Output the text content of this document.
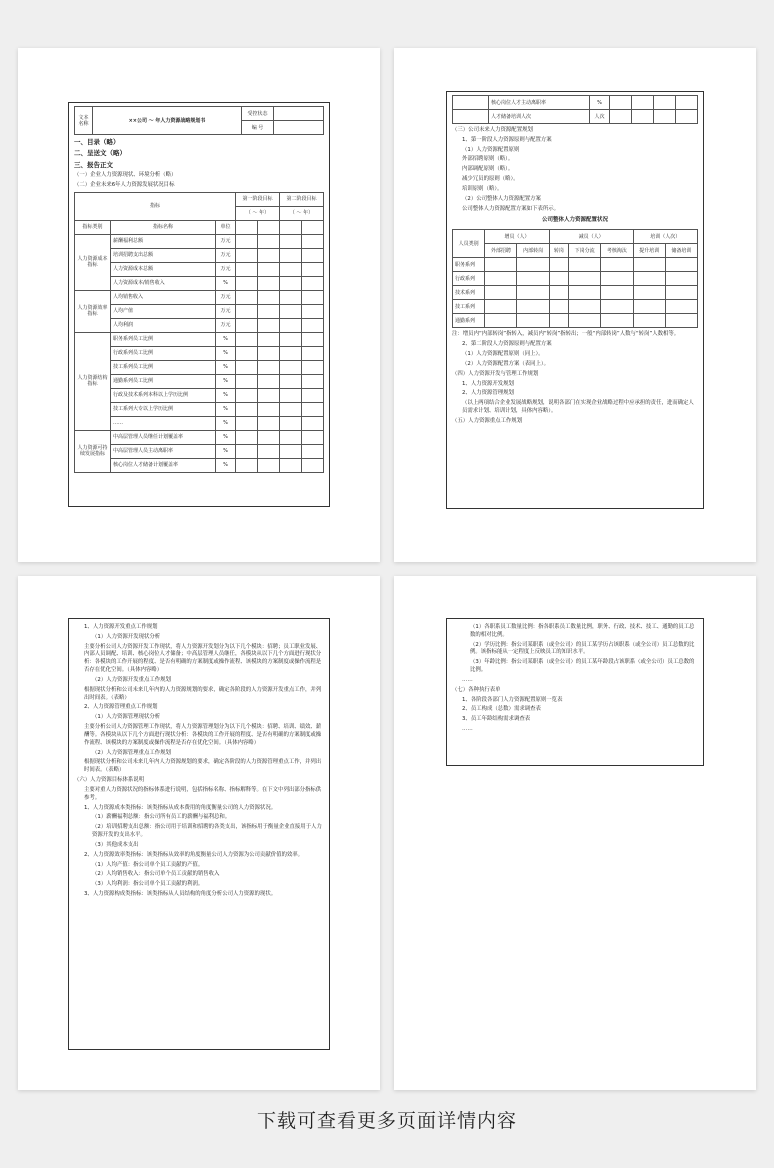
文本名称	××公司 ～ 年人力资源战略规划书	受控状态	
		编 号	
一、目录（略）
二、呈送文（略）
三、报告正文
（一）企业人力资源现状、环境分析（略）
（二）企业未来6年人力资源发展状况目标
指标			第一阶段目标		第二阶段目标	
			（ ～ 年）		（ ～ 年）	
指标类别	指标名称	单位				
人力资源成本指标	薪酬福利总额	万元				
	培训招聘支出总额	万元				
	人力资源成本总额	万元				
	人力资源成本/销售收入	%				
人力资源效率指标	人均销售收入	万元				
	人均产值	万元				
	人均利润	万元				
人力资源结构指标	职务系列员工比例	%				
	行政系列员工比例	%				
	技工系列员工比例	%				
	通勤系列员工比例	%				
	行政及技术系列本科以上学历比例	%				
	技工系列大专以上学历比例	%				
	……	%				
人力资源可持续发展指标	中高层管理人员继任计划覆盖率	%				
	中高层管理人员主动离职率	%				
	核心岗位人才储备计划覆盖率	%				
	核心岗位人才主动离职率	%				
	人才储备培训人次	人次				
（三）公司未来人力资源配置规划
1、第一阶段人力资源原则与配置方案
（1）人力资源配置原则
外部招聘原则（略）。
内部调配原则（略）。
减少冗员的原则（略）。
培训原则（略）。
（2）公司整体人力资源配置方案
公司整体人力资源配置方案如下表所示。
公司整体人力资源配置状况
人员类别	增员（人）		减员（人）			培训（人次）	
	外部招聘	内部转岗	转岗	下岗分流	考核淘汰	提升培训	储备培训
职务系列							
行政系列							
技术系列							
技工系列							
通勤系列							
注：增员内“内部转岗”指转入，减员内“转岗”指转出；一般“内部转岗”人数与“转岗”人数相等。
2、第二阶段人力资源原则与配置方案
（1）人力资源配置原则（同上）。
（2）人力资源配置方案（表同上）。
（四）人力资源开发与管理工作规划
1、人力资源开发规划
2、人力资源管理规划
（以上两项结合企业发展战略规划，说明各部门在实现企业战略过程中应承担的责任，进而确定人员需求计划、培训计划，具体内容略）。
（五）人力资源重点工作规划
1、人力资源开发重点工作规划
（1）人力资源开发现状分析
主要分析公司人力资源开发工作现状，将人力资源开发划分为以下几个模块：招聘；员工职业发展、内部人员调配、培训、核心岗位人才储备；中高层管理人员继任，各模块从以下几个方面进行现状分析：各模块的工作开展的程度、是否有明确的方案制度或操作流程、该模块的方案制度或操作流程是否存在优化空间。（具体内容略）
（2）人力资源开发重点工作规划
根据现状分析和公司未来几年内的人力资源规划的要求，确定各阶段的人力资源开发重点工作，并列出时间表。（表略）
2、人力资源管理重点工作规划
（1）人力资源管理现状分析
主要分析公司人力资源管理工作现状，将人力资源管理划分为以下几个模块：招聘、培训、绩效、薪酬等。各模块从以下几个方面进行现状分析：各模块的工作开展的程度、是否有明确的方案制度或操作流程、该模块的方案制度或操作流程是否存在优化空间。（具体内容略）
（2）人力资源管理重点工作规划
根据现状分析和公司未来几年内人力资源规划的要求，确定各阶段的人力资源管理重点工作，并列出时间表。（表略）
（六）人力资源目标体系说明
主要对重人力资源状况的指标体系进行说明，包括指标名称、指标解释等。在下文中列出部分指标供参考。
1、人力资源成本类指标：该类指标从成本费用的角度衡量公司的人力资源状况。
（1）薪酬福利总额：指公司所有员工的薪酬与福利总和。
（2）培训招聘支出总额：指公司用于培训和招聘的各类支出，该指标用于衡量企业直接用于人力资源开发的支出水平。
（3）其他成本支出
2、人力资源效率类指标：该类指标从效率的角度衡量公司人力资源为公司贡献价值的效率。
（1）人均产值：指公司单个员工贡献的产值。
（2）人均销售收入：指公司单个员工贡献的销售收入
（3）人均利润：指公司单个员工贡献的利润。
3、人力资源构成类指标：该类指标从人员结构的角度分析公司人力资源的现状。
（1）各职系员工数量比例：指各职系员工数量比例，职务、行政、技术、技工、通勤的员工总数的相对比例。
（2）学历比例：指公司某职系（或全公司）的员工某学历占该职系（或全公司）员工总数的比例。该指标能从一定程度上反映员工的知识水平。
（3）年龄比例：指公司某职系（或全公司）的员工某年龄段占该职系（或全公司）员工总数的比例。
……
（七）各种执行表单
1、各阶段各部门人力资源配置原则一览表
2、员工构成（总数）需求调查表
3、员工年龄结构需求调查表
……
下载可查看更多页面详情内容
